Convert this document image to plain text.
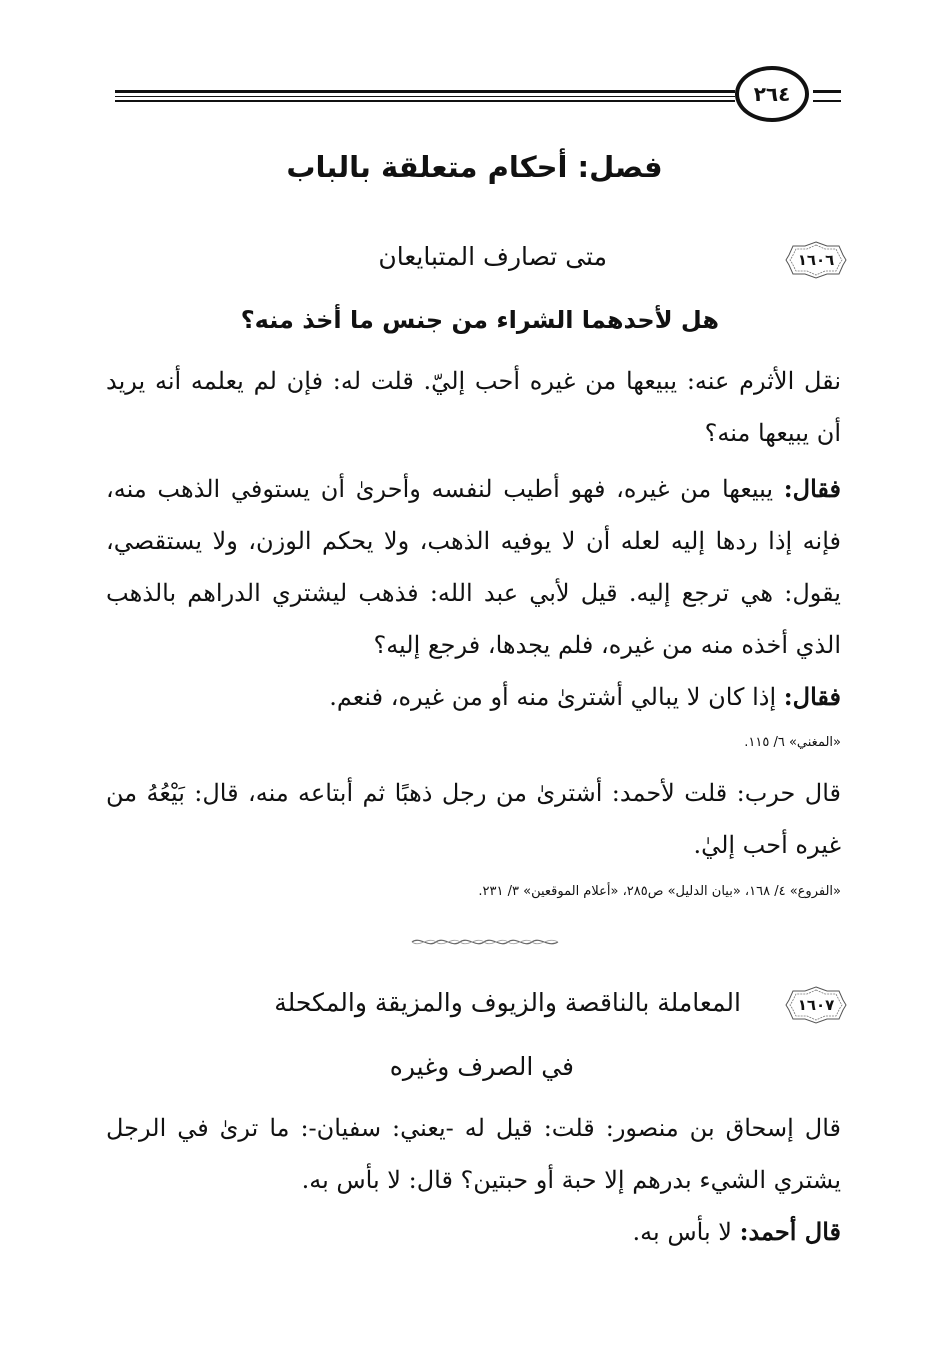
٢٦٤
فصل: أحكام متعلقة بالباب
١٦٠٦
متى تصارف المتبايعان
هل لأحدهما الشراء من جنس ما أخذ منه؟
نقل الأثرم عنه: يبيعها من غيره أحب إليّ. قلت له: فإن لم يعلمه أنه يريد أن يبيعها منه؟
فقال: يبيعها من غيره، فهو أطيب لنفسه وأحرىٰ أن يستوفي الذهب منه، فإنه إذا ردها إليه لعله أن لا يوفيه الذهب، ولا يحكم الوزن، ولا يستقصي، يقول: هي ترجع إليه. قيل لأبي عبد الله: فذهب ليشتري الدراهم بالذهب الذي أخذه منه من غيره، فلم يجدها، فرجع إليه؟
فقال: إذا كان لا يبالي أشترىٰ منه أو من غيره، فنعم.
«المغني» ٦/ ١١٥.
قال حرب: قلت لأحمد: أشترىٰ من رجل ذهبًا ثم أبتاعه منه، قال: بَيْعُهُ من غيره أحب إليٰ.
«الفروع» ٤/ ١٦٨، «بيان الدليل» ص٢٨٥، «أعلام الموقعين» ٣/ ٢٣١.
١٦٠٧
المعاملة بالناقصة والزيوف والمزيقة والمكحلة
في الصرف وغيره
قال إسحاق بن منصور: قلت: قيل له -يعني: سفيان-: ما ترىٰ في الرجل يشتري الشيء بدرهم إلا حبة أو حبتين؟ قال: لا بأس به.
قال أحمد: لا بأس به.
